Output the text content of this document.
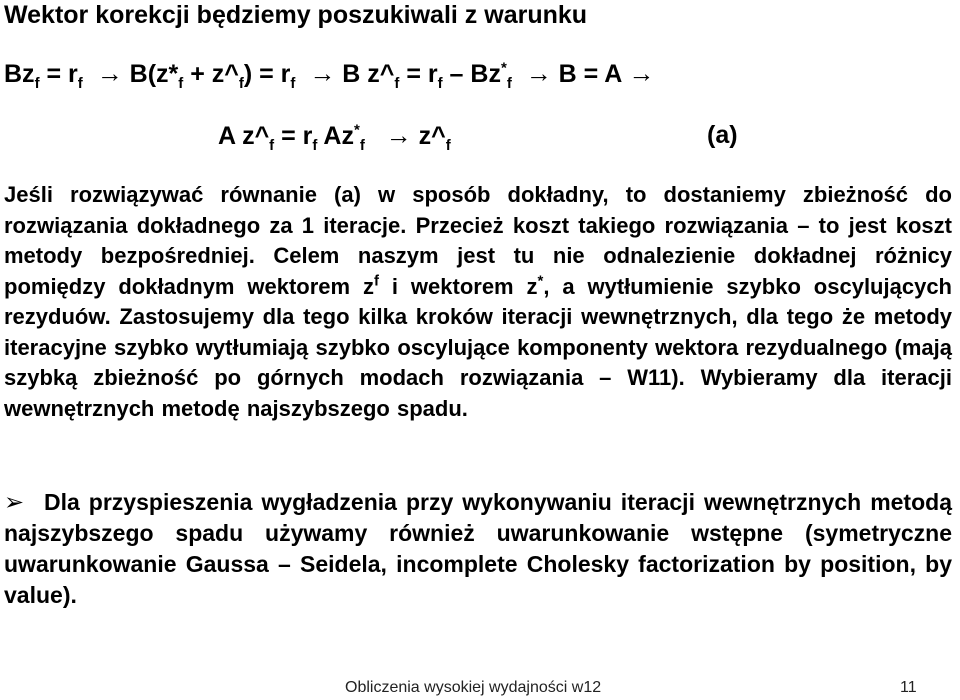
Wektor korekcji będziemy poszukiwali z warunku
$Bz_f = r_f \to B(z*_f$ + $z\^{}_f) = r_f \to B$ $z\^{}_f = r_f - Bz^*_f \to B = A$ →
A $z\^{}_f = r_f$ $Az^*_f$ → $z\^{}_f$	(a)
Jeśli rozwiązywać równanie (a) w sposób dokładny, to dostaniemy zbieżność do rozwiązania dokładnego za 1 iteracje. Przecież koszt takiego rozwiązania – to jest koszt metody bezpośredniej. Celem naszym jest tu nie odnalezienie dokładnej różnicy pomiędzy dokładnym wektorem $z^f$ i wektorem z*, a wytłumienie szybko oscylujących rezyduów. Zastosujemy dla tego kilka kroków iteracji wewnętrznych, dla tego że metody iteracyjne szybko wytłumiają szybko oscylujące komponenty wektora rezydualnego (mają szybką zbieżność po górnych modach rozwiązania – W11). Wybieramy dla iteracji wewnętrznych metodę najszybszego spadu.
➢ Dla przyspieszenia wygładzenia przy wykonywaniu iteracji wewnętrznych metodą najszybszego spadu używamy również uwarunkowanie wstępne (symetryczne uwarunkowanie Gaussa – Seidela, incomplete Cholesky factorization by position, by value).
Obliczenia wysokiej wydajności w12	11
